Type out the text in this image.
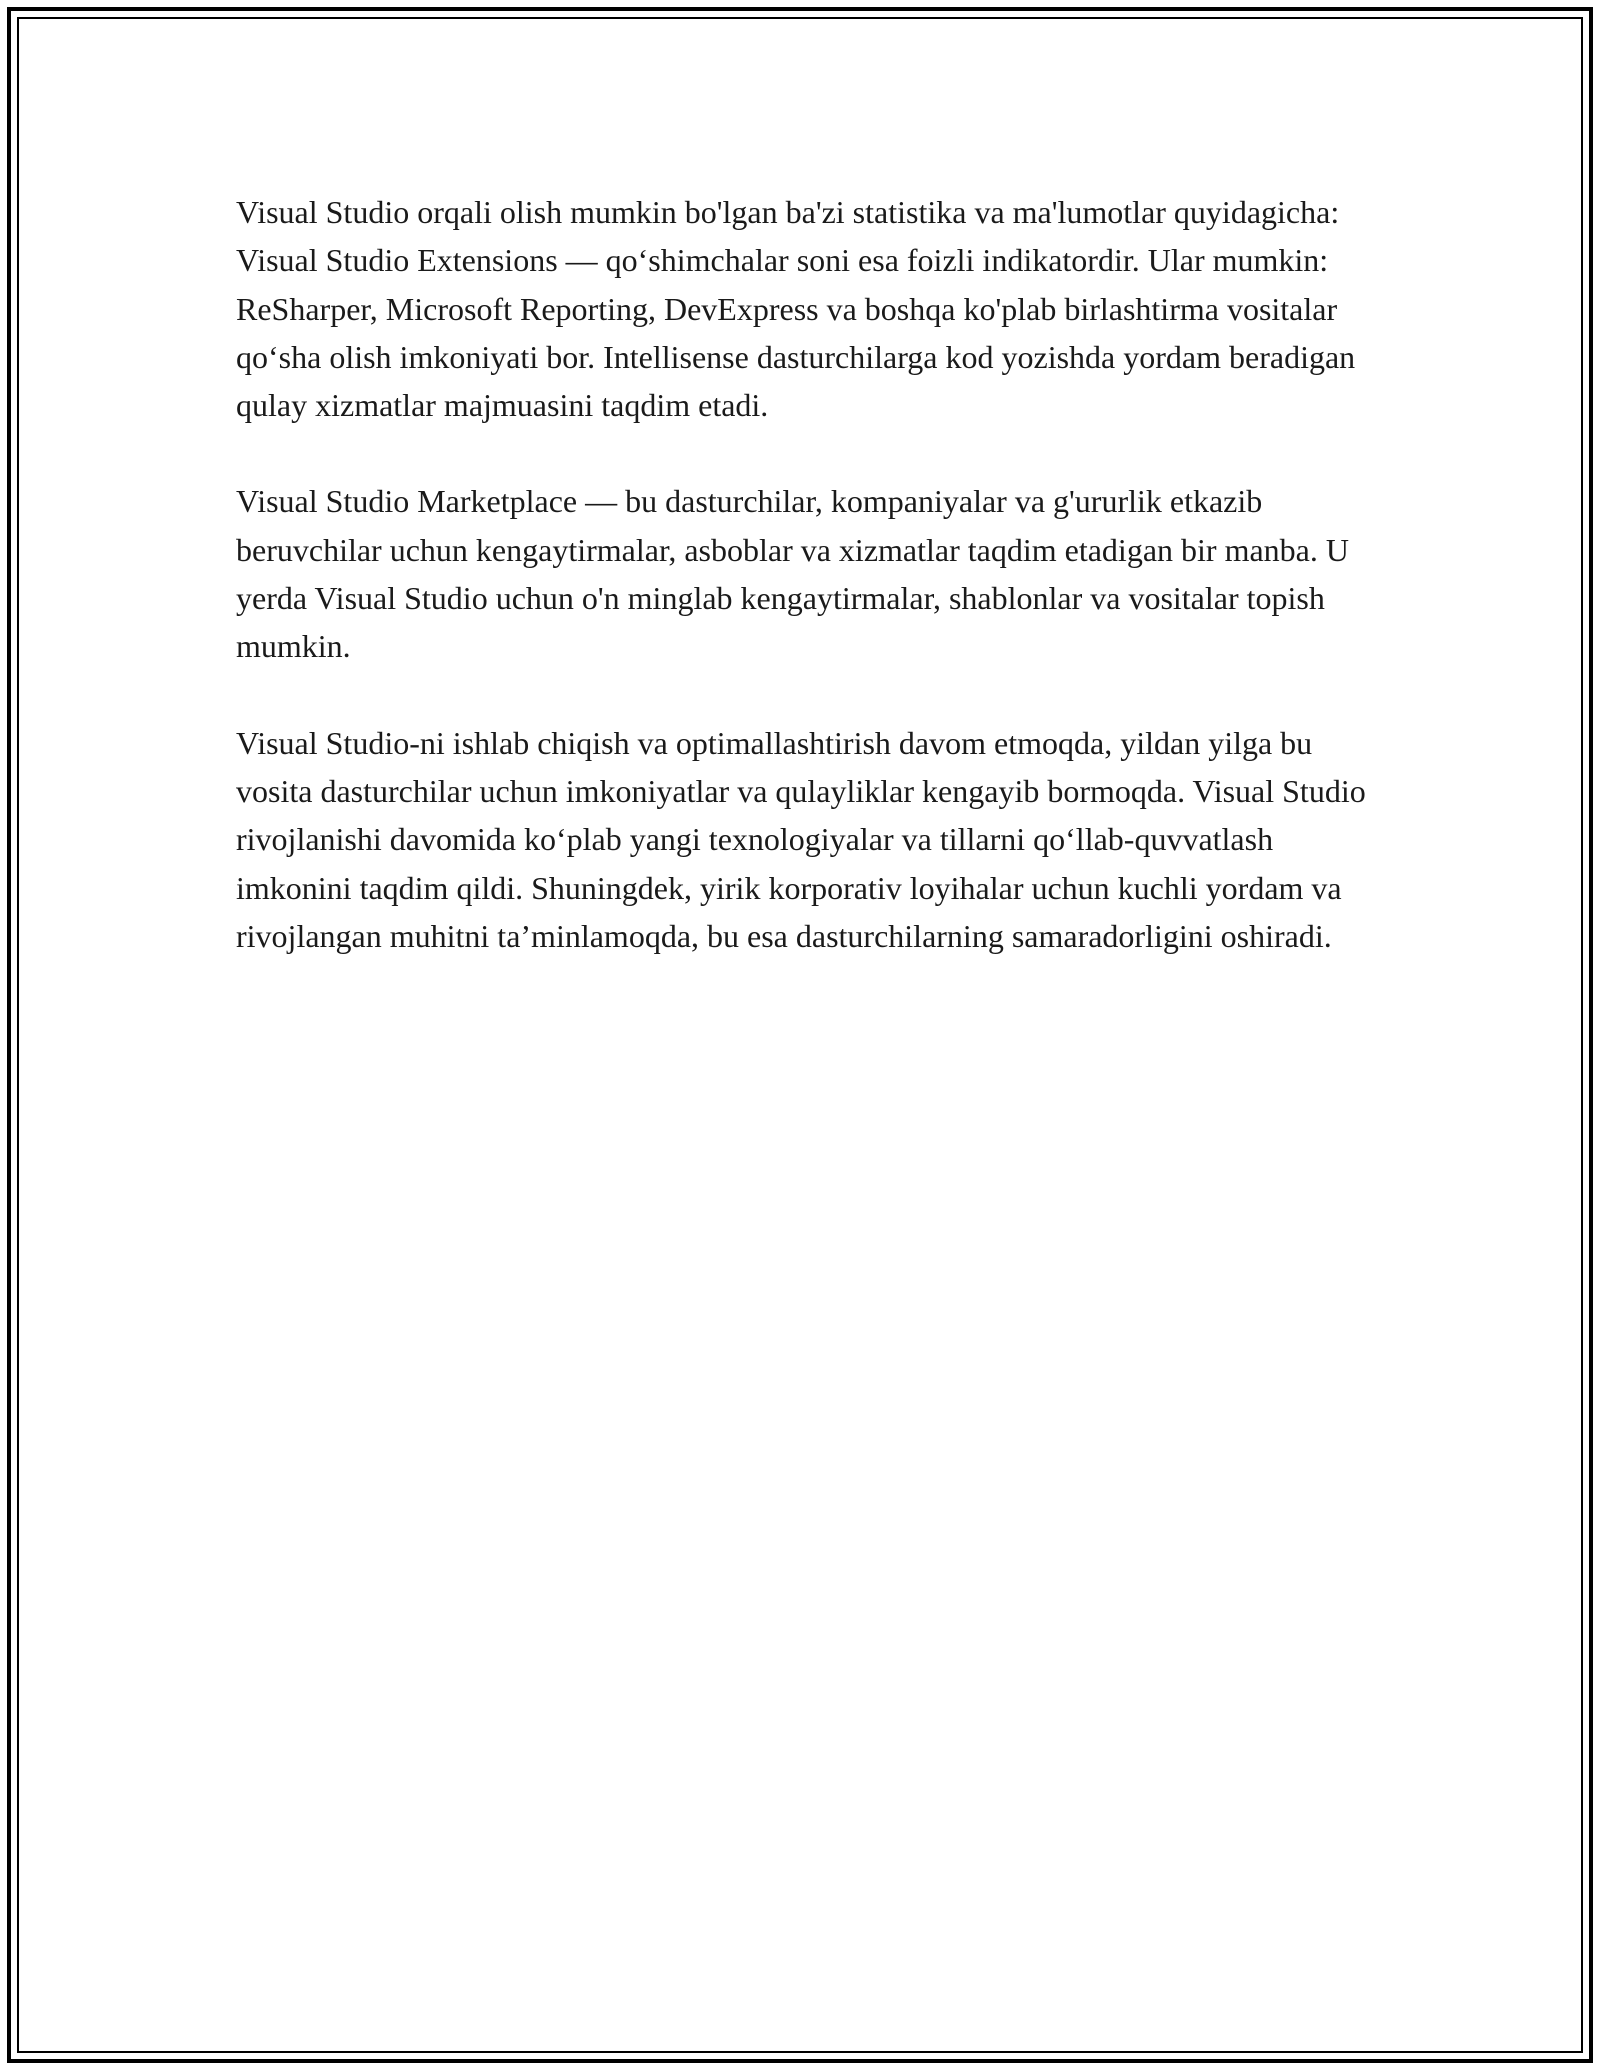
Visual Studio orqali olish mumkin bo'lgan ba'zi statistika va ma'lumotlar quyidagicha: Visual Studio Extensions — qo‘shimchalar soni esa foizli indikatordir. Ular mumkin: ReSharper, Microsoft Reporting, DevExpress va boshqa ko'plab birlashtirma vositalar qo‘sha olish imkoniyati bor. Intellisense dasturchilarga kod yozishda yordam beradigan qulay xizmatlar majmuasini taqdim etadi.

Visual Studio Marketplace — bu dasturchilar, kompaniyalar va g'ururlik etkazib beruvchilar uchun kengaytirmalar, asboblar va xizmatlar taqdim etadigan bir manba. U yerda Visual Studio uchun o'n minglab kengaytirmalar, shablonlar va vositalar topish mumkin.

Visual Studio-ni ishlab chiqish va optimallashtirish davom etmoqda, yildan yilga bu vosita dasturchilar uchun imkoniyatlar va qulayliklar kengayib bormoqda. Visual Studio rivojlanishi davomida ko‘plab yangi texnologiyalar va tillarni qo‘llab-quvvatlash imkonini taqdim qildi. Shuningdek, yirik korporativ loyihalar uchun kuchli yordam va rivojlangan muhitni ta’minlamoqda, bu esa dasturchilarning samaradorligini oshiradi.
